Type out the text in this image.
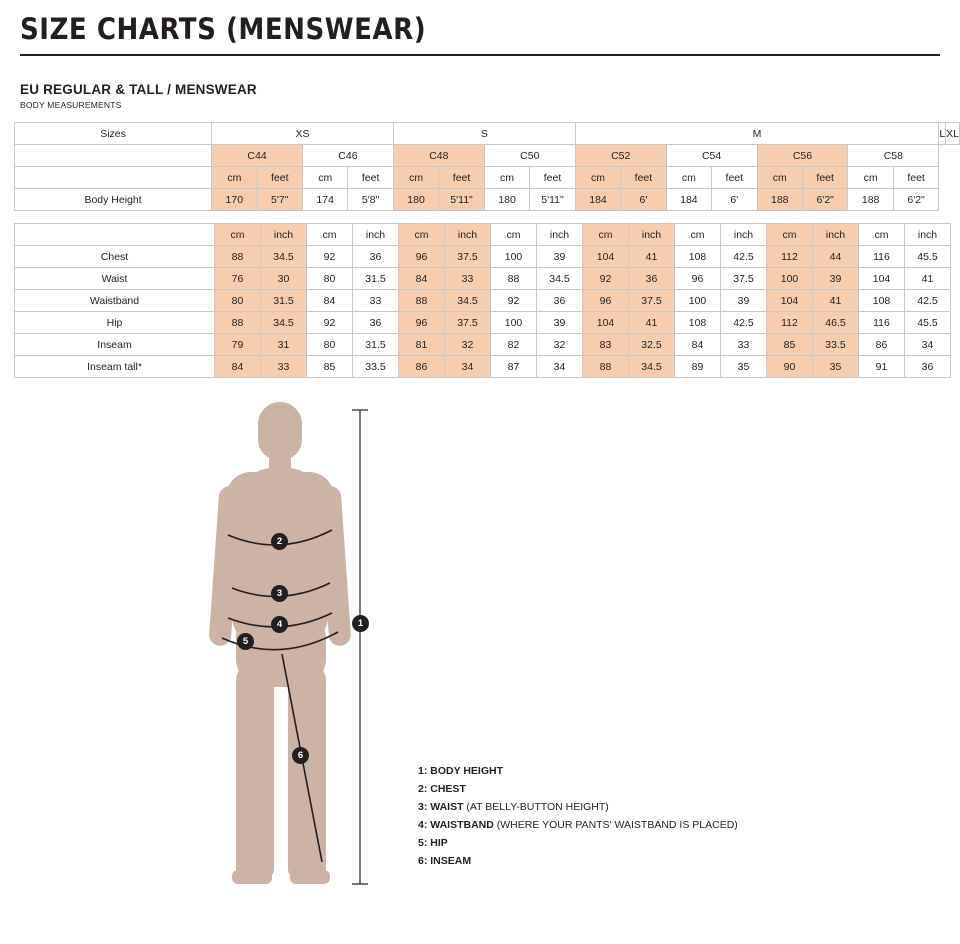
SIZE CHARTS (MENSWEAR)
EU REGULAR & TALL / MENSWEAR
BODY MEASUREMENTS
Sizes	XS				S				M								L	XL
	C44		C46		C48		C50		C52		C54		C56		C58			
	cm	feet	cm	feet	cm	feet	cm	feet	cm	feet	cm	feet	cm	feet	cm	feet		
Body Height	170	5'7"	174	5'8"	180	5'11"	180	5'11"	184	6'	184	6'	188	6'2"	188	6'2"		
	cm	inch	cm	inch	cm	inch	cm	inch	cm	inch	cm	inch	cm	inch	cm	inch
Chest	88	34.5	92	36	96	37.5	100	39	104	41	108	42.5	112	44	116	45.5
Waist	76	30	80	31.5	84	33	88	34.5	92	36	96	37.5	100	39	104	41
Waistband	80	31.5	84	33	88	34.5	92	36	96	37.5	100	39	104	41	108	42.5
Hip	88	34.5	92	36	96	37.5	100	39	104	41	108	42.5	112	46.5	116	45.5
Inseam	79	31	80	31.5	81	32	82	32	83	32.5	84	33	85	33.5	86	34
Inseam tall*	84	33	85	33.5	86	34	87	34	88	34.5	89	35	90	35	91	36
1
2
3
4
5
6
1: BODY HEIGHT
2: CHEST
3: WAIST (AT BELLY-BUTTON HEIGHT)
4: WAISTBAND (WHERE YOUR PANTS' WAISTBAND IS PLACED)
5: HIP
6: INSEAM
